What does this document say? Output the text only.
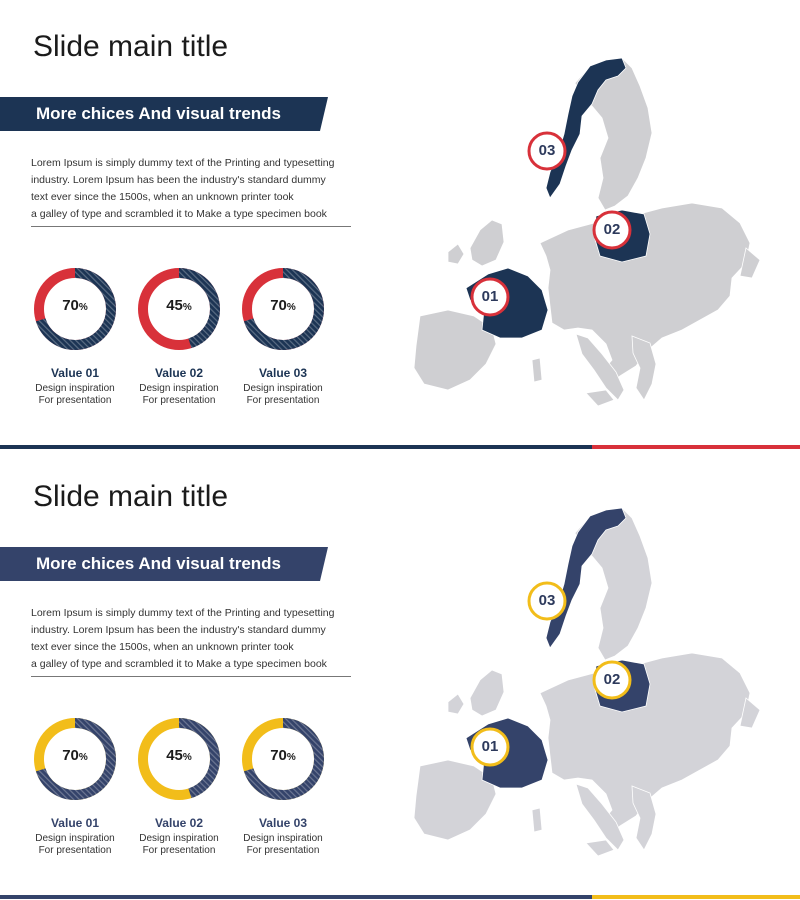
Slide main title
More chices And visual trends
Lorem Ipsum is simply dummy text of the Printing and typesetting
industry. Lorem Ipsum has been the industry's standard dummy
text ever since the 1500s, when an unknown printer took
a galley of type and scrambled it to Make a type specimen book
70%	45%	70%
Value 01	Value 02	Value 03
Design inspiration
For presentation
Design inspiration
For presentation
Design inspiration
For presentation
01
02
03
Slide main title
More chices And visual trends
Lorem Ipsum is simply dummy text of the Printing and typesetting
industry. Lorem Ipsum has been the industry's standard dummy
text ever since the 1500s, when an unknown printer took
a galley of type and scrambled it to Make a type specimen book
70%	45%	70%
Value 01	Value 02	Value 03
Design inspiration
For presentation
Design inspiration
For presentation
Design inspiration
For presentation
01
02
03
